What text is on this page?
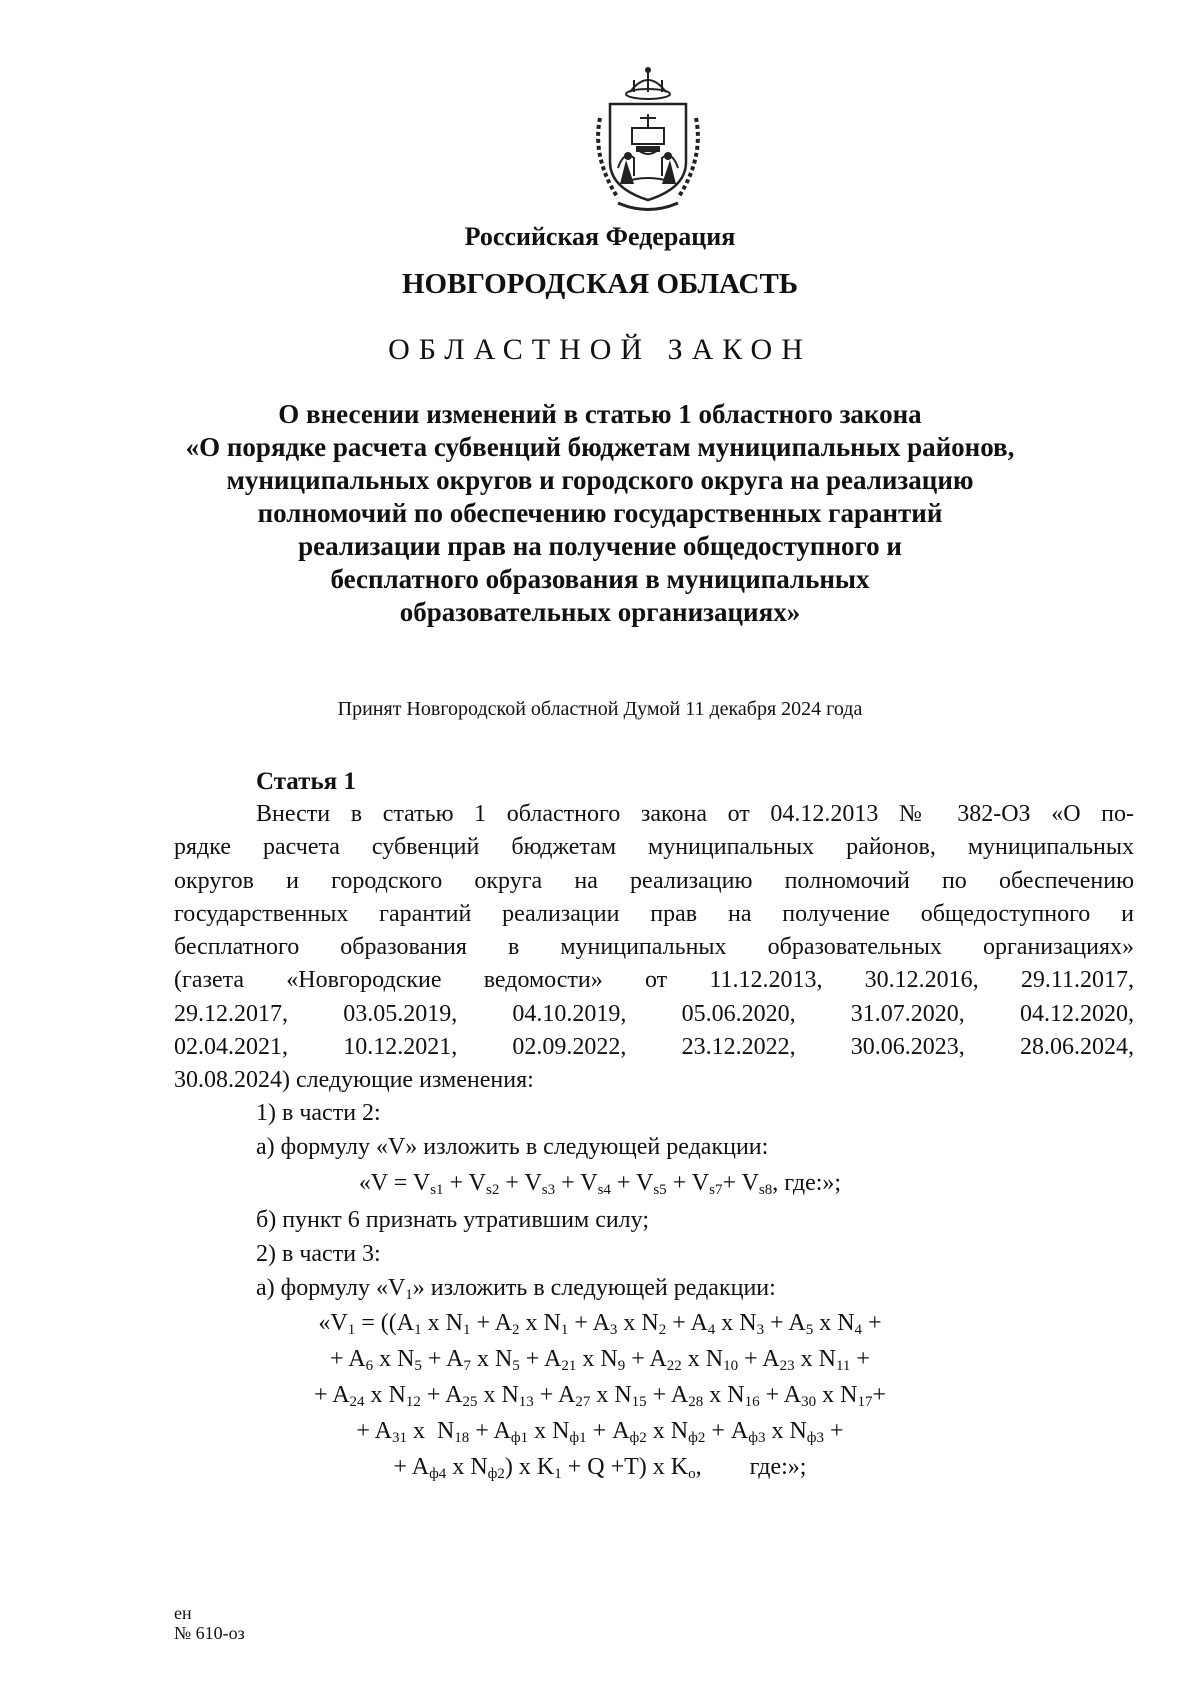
Российская Федерация
НОВГОРОДСКАЯ ОБЛАСТЬ
ОБЛАСТНОЙ ЗАКОН
О внесении изменений в статью 1 областного закона
«О порядке расчета субвенций бюджетам муниципальных районов,
муниципальных округов и городского округа на реализацию
полномочий по обеспечению государственных гарантий
реализации прав на получение общедоступного и
бесплатного образования в муниципальных
образовательных организациях»
Принят Новгородской областной Думой 11 декабря 2024 года
Статья 1
Внести в статью 1 областного закона от 04.12.2013 № 382-ОЗ «О по-
рядке расчета субвенций бюджетам муниципальных районов, муниципальных
округов и городского округа на реализацию полномочий по обеспечению
государственных гарантий реализации прав на получение общедоступного и
бесплатного образования в муниципальных образовательных организациях»
(газета «Новгородские ведомости» от 11.12.2013, 30.12.2016, 29.11.2017,
29.12.2017, 03.05.2019, 04.10.2019, 05.06.2020, 31.07.2020, 04.12.2020,
02.04.2021, 10.12.2021, 02.09.2022, 23.12.2022, 30.06.2023, 28.06.2024,
30.08.2024) следующие изменения:
1) в части 2:
а) формулу «V» изложить в следующей редакции:
«$V = V_{s1} + V_{s2} + V_{s3} + V_{s4} + V_{s5} + V_{s7}+ V_{s8}$, где:»;
б) пункт 6 признать утратившим силу;
2) в части 3:
а) формулу «$V_1$» изложить в следующей редакции:
«$V_1 = ((A_1$ x $N_1 + A_2$ x $N_1 + A_3$ x $N_2 + A_4$ x $N_3 + A_5$ x $N_4$ +
+ $A_6$ x $N_5 + A_7$ x $N_5 + A_{21}$ x $N_9 + A_{22}$ x $N_{10} + A_{23}$ x $N_{11}$ +
+ $A_{24}$ x $N_{12} + A_{25}$ x $N_{13} + A_{27}$ x $N_{15} + A_{28}$ x $N_{16} + A_{30}$ x $N_{17}+$
+ $A_{31}$ x  $N_{18} + A_{ф1}$ x $N_{ф1} + A_{ф2}$ x $N_{ф2} + A_{ф3}$ x $N_{ф3}$ +
+ $A_{ф4}$ x $N_{ф2}$) x $K_1 + Q +T$) x $K_o$,        где:»;
ен
№ 610-оз
